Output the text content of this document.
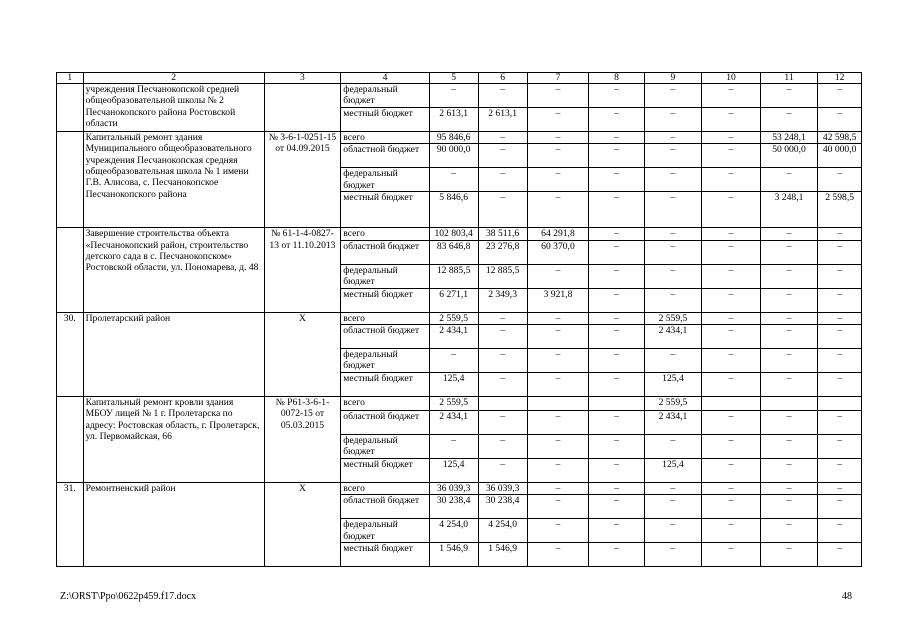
1	2	3	4	5	6	7	8	9	10	11	12
	учреждения Песчанокопской средней общеобразовательной школы № 2 Песчанокопского района Ростовской области		федеральный бюджет	–	–	–	–	–	–	–	–
			местный бюджет	2 613,1	2 613,1	–	–	–	–	–	–
	Капитальный ремонт здания Муниципального общеобразовательного учреждения Песчанокопская средняя общеобразовательная школа № 1 имени Г.В. Алисова, с. Песчанокопское Песчанокопского района	№ 3-6-1-0251-15 от 04.09.2015	всего	95 846,6	–	–	–	–	–	53 248,1	42 598,5
			областной бюджет	90 000,0	–	–	–	–	–	50 000,0	40 000,0
			федеральный бюджет	–	–	–	–	–	–	–	–
			местный бюджет	5 846,6	–	–	–	–	–	3 248,1	2 598,5
	Завершение строительства объекта «Песчанокопский район, строительство детского сада в с. Песчанокопском» Ростовской области, ул. Пономарева, д. 48	№ 61-1-4-0827-13 от 11.10.2013	всего	102 803,4	38 511,6	64 291,8	–	–	–	–	–
			областной бюджет	83 646,8	23 276,8	60 370,0	–	–	–	–	–
			федеральный бюджет	12 885,5	12 885,5	–	–	–	–	–	–
			местный бюджет	6 271,1	2 349,3	3 921,8	–	–	–	–	–
30.	Пролетарский район	Х	всего	2 559,5	–	–	–	2 559,5	–	–	–
			областной бюджет	2 434,1	–	–	–	2 434,1	–	–	–
			федеральный бюджет	–	–	–	–	–	–	–	–
			местный бюджет	125,4	–	–	–	125,4	–	–	–
	Капитальный ремонт кровли здания МБОУ лицей № 1 г. Пролетарска по адресу: Ростовская область, г. Пролетарск, ул. Первомайская, 66	№ Р61-3-6-1-0072-15 от 05.03.2015	всего	2 559,5				2 559,5			
			областной бюджет	2 434,1	–	–	–	2 434,1	–	–	–
			федеральный бюджет	–	–	–	–	–	–	–	–
			местный бюджет	125,4	–	–	–	125,4	–	–	–
31.	Ремонтненский район	Х	всего	36 039,3	36 039,3	–	–	–	–	–	–
			областной бюджет	30 238,4	30 238,4	–	–	–	–	–	–
			федеральный бюджет	4 254,0	4 254,0	–	–	–	–	–	–
			местный бюджет	1 546,9	1 546,9	–	–	–	–	–	–
Z:\ORST\Ppo\0622p459.f17.docx	48
